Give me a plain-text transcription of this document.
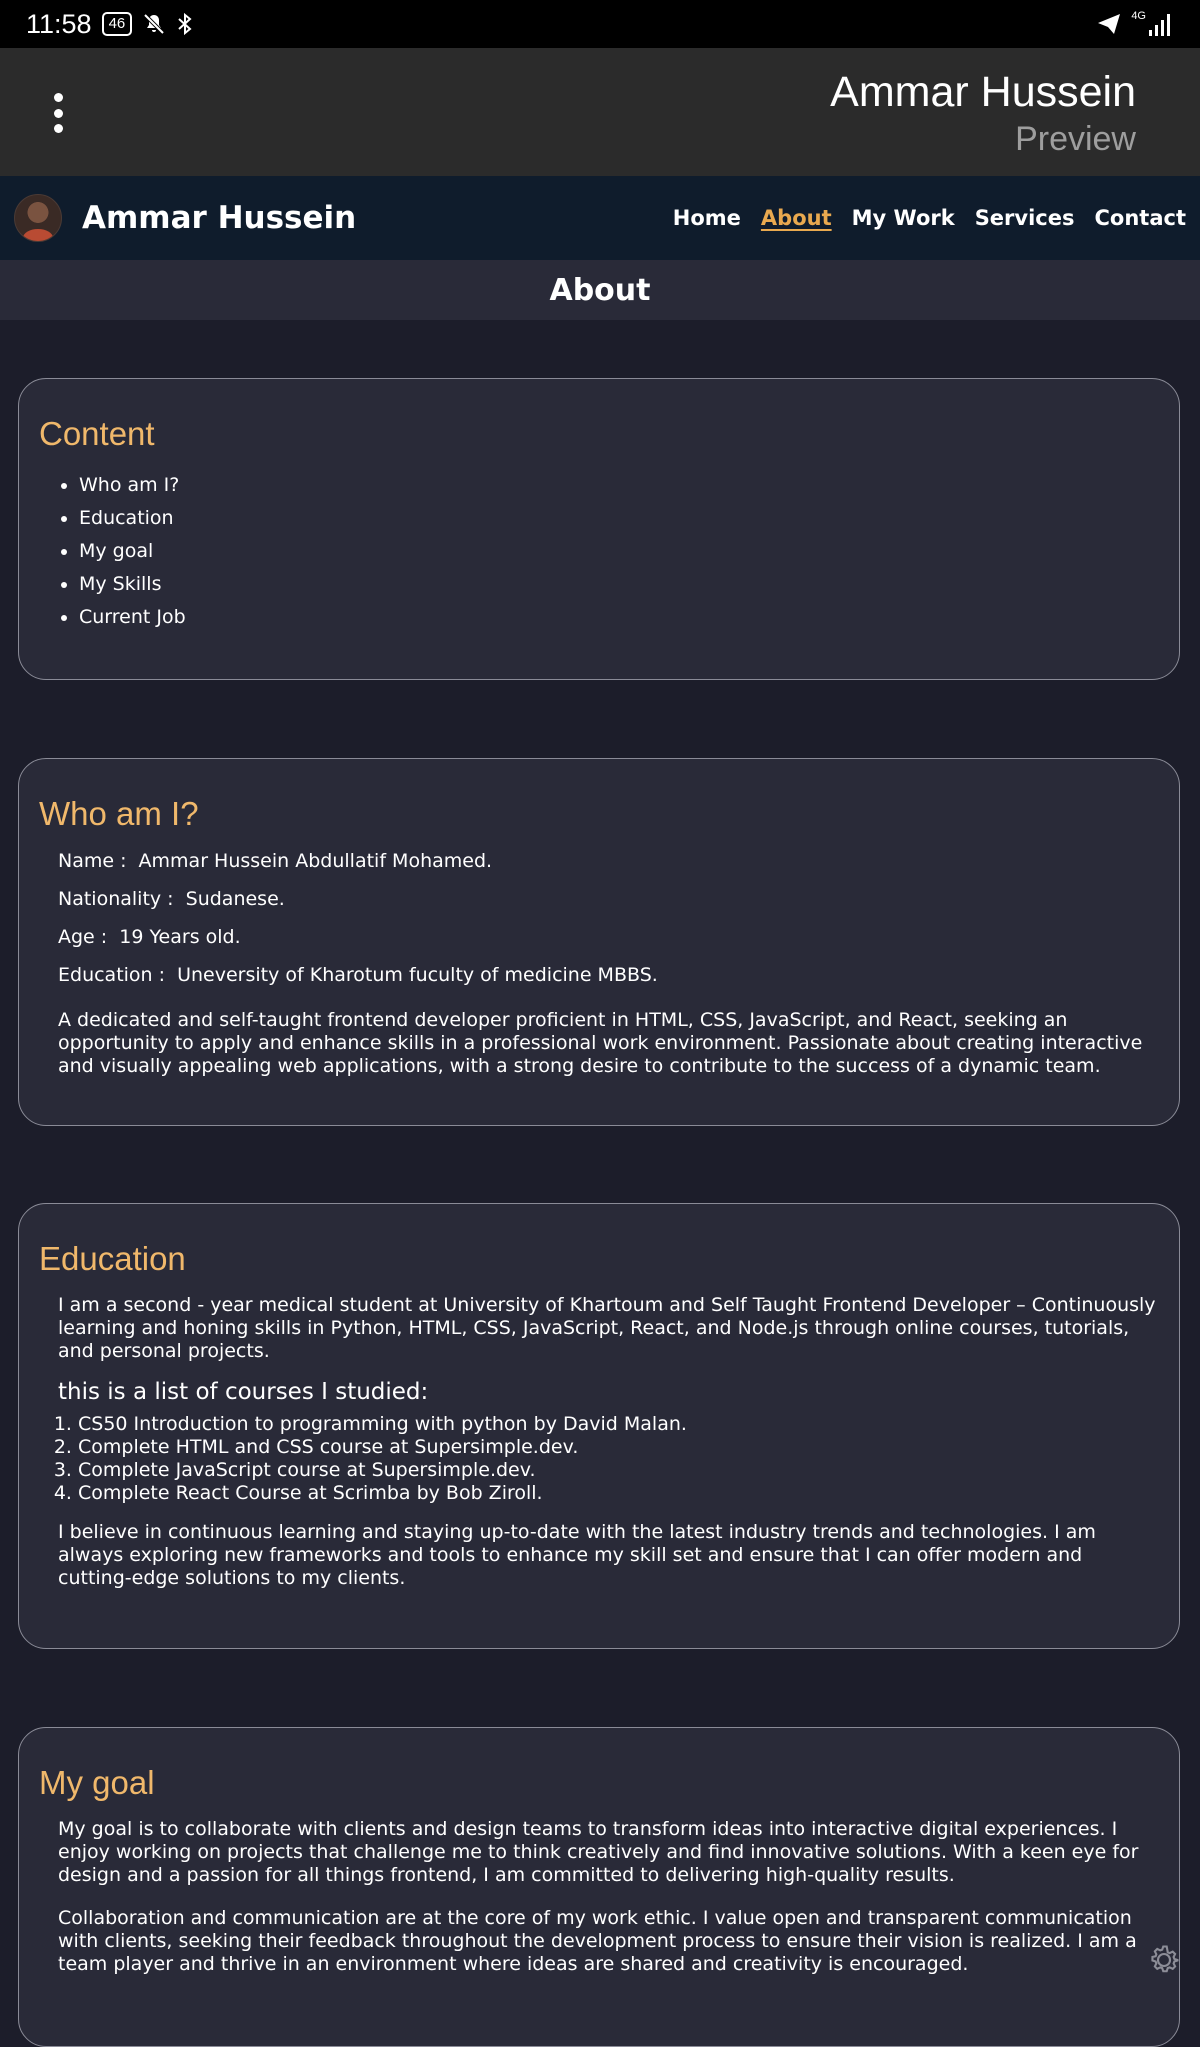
11:58	46	4G
Ammar Hussein
Preview
Ammar Hussein	Home About My Work Services Contact
About
Content
• Who am I?
• Education
• My goal
• My Skills
• Current Job
Who am I?

Name : Ammar Hussein Abdullatif Mohamed.

Nationality : Sudanese.

Age : 19 Years old.

Education : Uneversity of Kharotum fuculty of medicine MBBS.

A dedicated and self-taught frontend developer proficient in HTML, CSS, JavaScript, and React, seeking an opportunity to apply and enhance skills in a professional work environment. Passionate about creating interactive and visually appealing web applications, with a strong desire to contribute to the success of a dynamic team.

Education

I am a second - year medical student at University of Khartoum and Self Taught Frontend Developer – Continuously learning and honing skills in Python, HTML, CSS, JavaScript, React, and Node.js through online courses, tutorials, and personal projects.

this is a list of courses I studied:

1. CS50 Introduction to programming with python by David Malan.
2. Complete HTML and CSS course at Supersimple.dev.
3. Complete JavaScript course at Supersimple.dev.
4. Complete React Course at Scrimba by Bob Ziroll.

I believe in continuous learning and staying up-to-date with the latest industry trends and technologies. I am always exploring new frameworks and tools to enhance my skill set and ensure that I can offer modern and cutting-edge solutions to my clients.

My goal

My goal is to collaborate with clients and design teams to transform ideas into interactive digital experiences. I enjoy working on projects that challenge me to think creatively and find innovative solutions. With a keen eye for design and a passion for all things frontend, I am committed to delivering high-quality results.

Collaboration and communication are at the core of my work ethic. I value open and transparent communication with clients, seeking their feedback throughout the development process to ensure their vision is realized. I am a team player and thrive in an environment where ideas are shared and creativity is encouraged.
